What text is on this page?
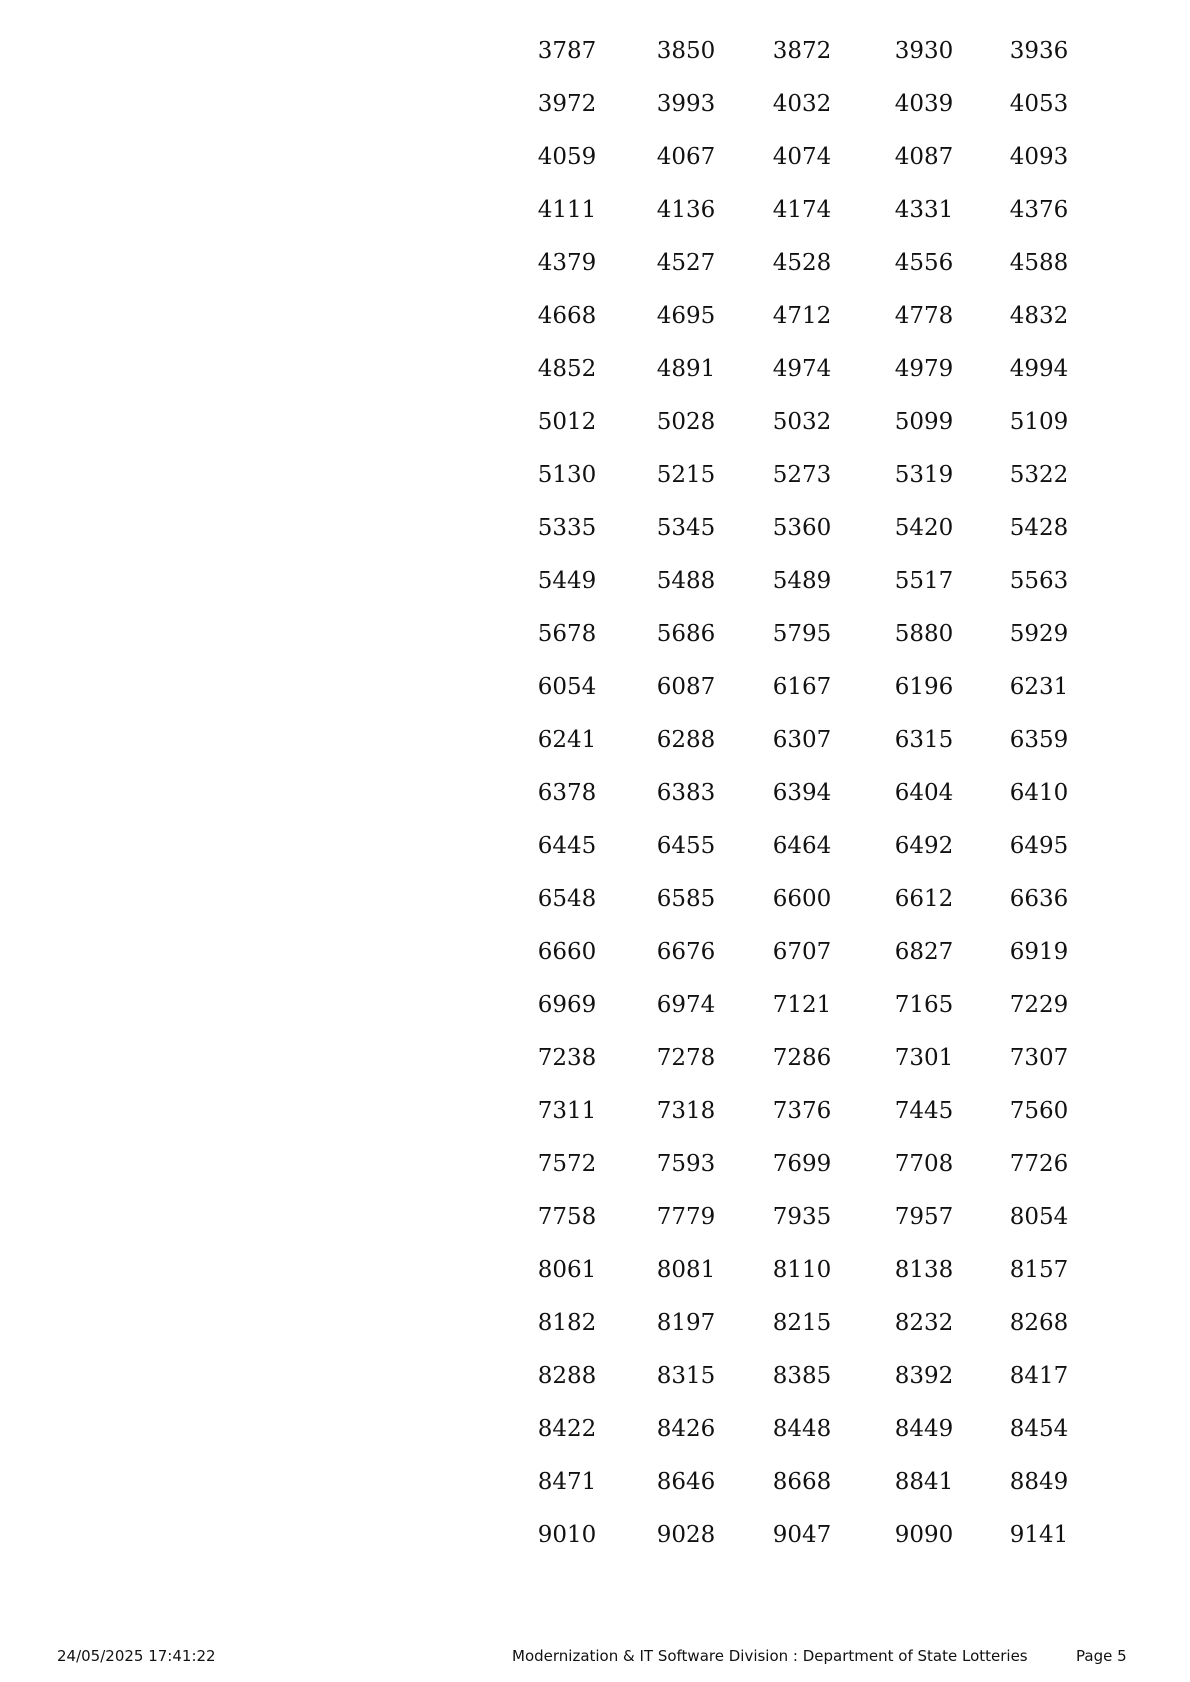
3787	3850	3872	3930	3936
3972	3993	4032	4039	4053
4059	4067	4074	4087	4093
4111	4136	4174	4331	4376
4379	4527	4528	4556	4588
4668	4695	4712	4778	4832
4852	4891	4974	4979	4994
5012	5028	5032	5099	5109
5130	5215	5273	5319	5322
5335	5345	5360	5420	5428
5449	5488	5489	5517	5563
5678	5686	5795	5880	5929
6054	6087	6167	6196	6231
6241	6288	6307	6315	6359
6378	6383	6394	6404	6410
6445	6455	6464	6492	6495
6548	6585	6600	6612	6636
6660	6676	6707	6827	6919
6969	6974	7121	7165	7229
7238	7278	7286	7301	7307
7311	7318	7376	7445	7560
7572	7593	7699	7708	7726
7758	7779	7935	7957	8054
8061	8081	8110	8138	8157
8182	8197	8215	8232	8268
8288	8315	8385	8392	8417
8422	8426	8448	8449	8454
8471	8646	8668	8841	8849
9010	9028	9047	9090	9141
24/05/2025 17:41:22	Modernization & IT Software Division : Department of State Lotteries	Page 5
